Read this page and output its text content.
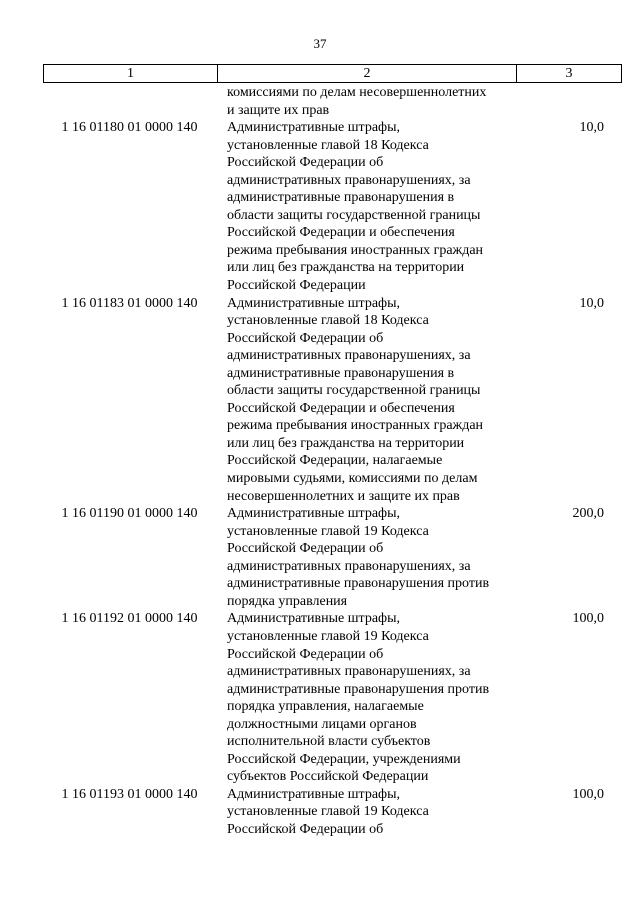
37
1	2	3
комиссиями по делам несовершеннолетних
и защите их прав
1 16 01180 01 0000 140	Административные штрафы,
установленные главой 18 Кодекса
Российской Федерации об
административных правонарушениях, за
административные правонарушения в
области защиты государственной границы
Российской Федерации и обеспечения
режима пребывания иностранных граждан
или лиц без гражданства на территории
Российской Федерации
10,0
1 16 01183 01 0000 140	Административные штрафы,
установленные главой 18 Кодекса
Российской Федерации об
административных правонарушениях, за
административные правонарушения в
области защиты государственной границы
Российской Федерации и обеспечения
режима пребывания иностранных граждан
или лиц без гражданства на территории
Российской Федерации, налагаемые
мировыми судьями, комиссиями по делам
несовершеннолетних и защите их прав
10,0
1 16 01190 01 0000 140	Административные штрафы,
установленные главой 19 Кодекса
Российской Федерации об
административных правонарушениях, за
административные правонарушения против
порядка управления
200,0
1 16 01192 01 0000 140	Административные штрафы,
установленные главой 19 Кодекса
Российской Федерации об
административных правонарушениях, за
административные правонарушения против
порядка управления, налагаемые
должностными лицами органов
исполнительной власти субъектов
Российской Федерации, учреждениями
субъектов Российской Федерации
100,0
1 16 01193 01 0000 140	Административные штрафы,
установленные главой 19 Кодекса
Российской Федерации об
100,0
